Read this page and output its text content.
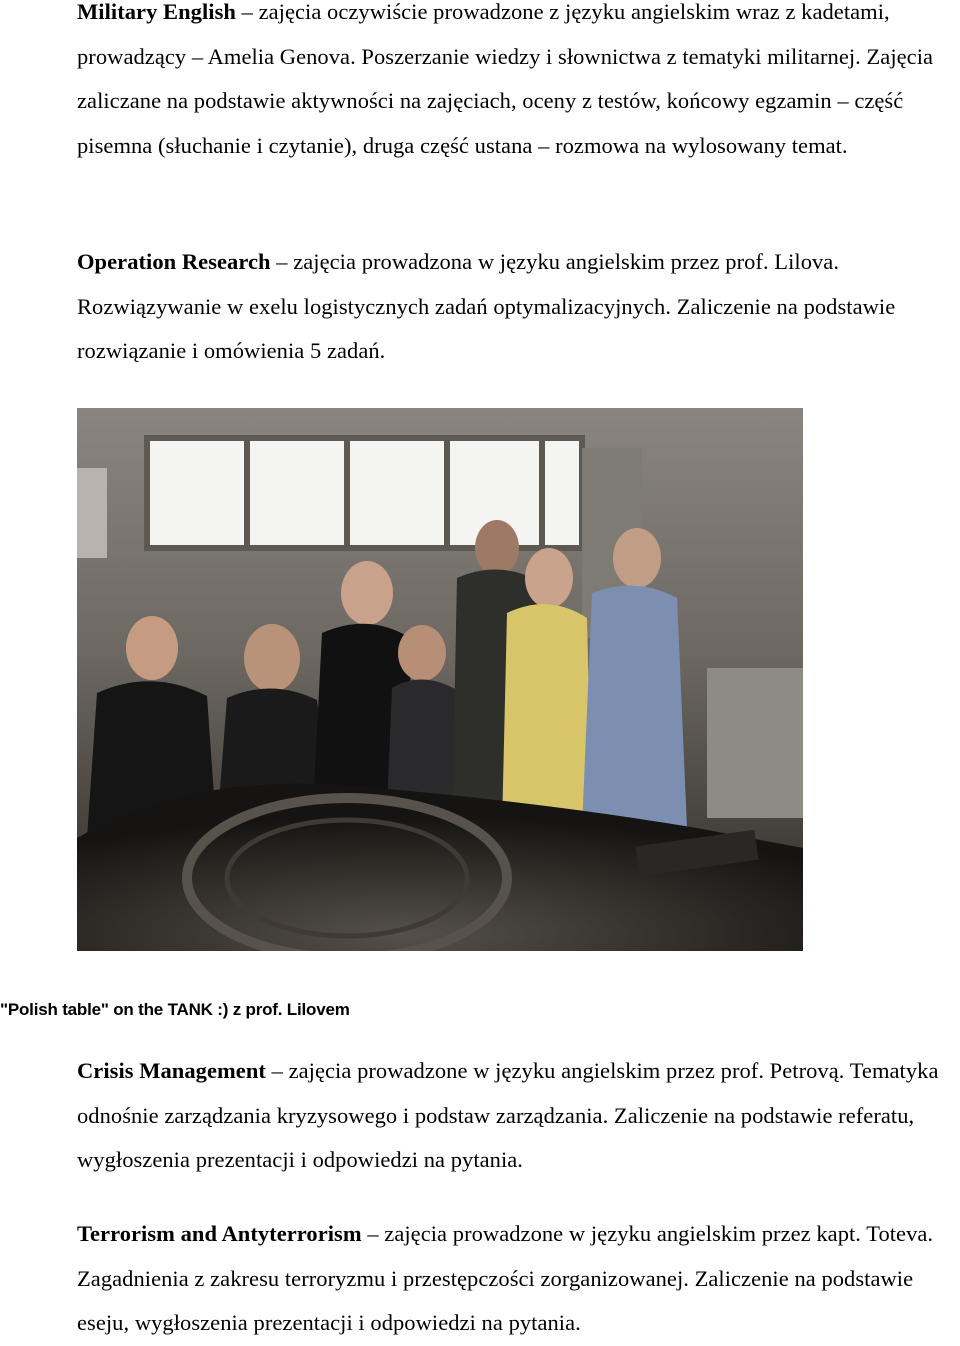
Military English – zajęcia oczywiście prowadzone z języku angielskim wraz z kadetami, prowadzący – Amelia Genova. Poszerzanie wiedzy i słownictwa z tematyki militarnej. Zajęcia zaliczane na podstawie aktywności na zajęciach, oceny z testów, końcowy egzamin – część pisemna (słuchanie i czytanie), druga część ustana – rozmowa na wylosowany temat.

Operation Research – zajęcia prowadzona w języku angielskim przez prof. Lilova. Rozwiązywanie w exelu logistycznych zadań optymalizacyjnych. Zaliczenie na podstawie rozwiązanie i omówienia 5 zadań.

"Polish table" on the TANK :) z prof. Lilovem

Crisis Management – zajęcia prowadzone w języku angielskim przez prof. Petrovą. Tematyka odnośnie zarządzania kryzysowego i podstaw zarządzania. Zaliczenie na podstawie referatu, wygłoszenia prezentacji i odpowiedzi na pytania.

Terrorism and Antyterrorism – zajęcia prowadzone w języku angielskim przez kapt. Toteva. Zagadnienia z zakresu terroryzmu i przestępczości zorganizowanej. Zaliczenie na podstawie eseju, wygłoszenia prezentacji i odpowiedzi na pytania.
